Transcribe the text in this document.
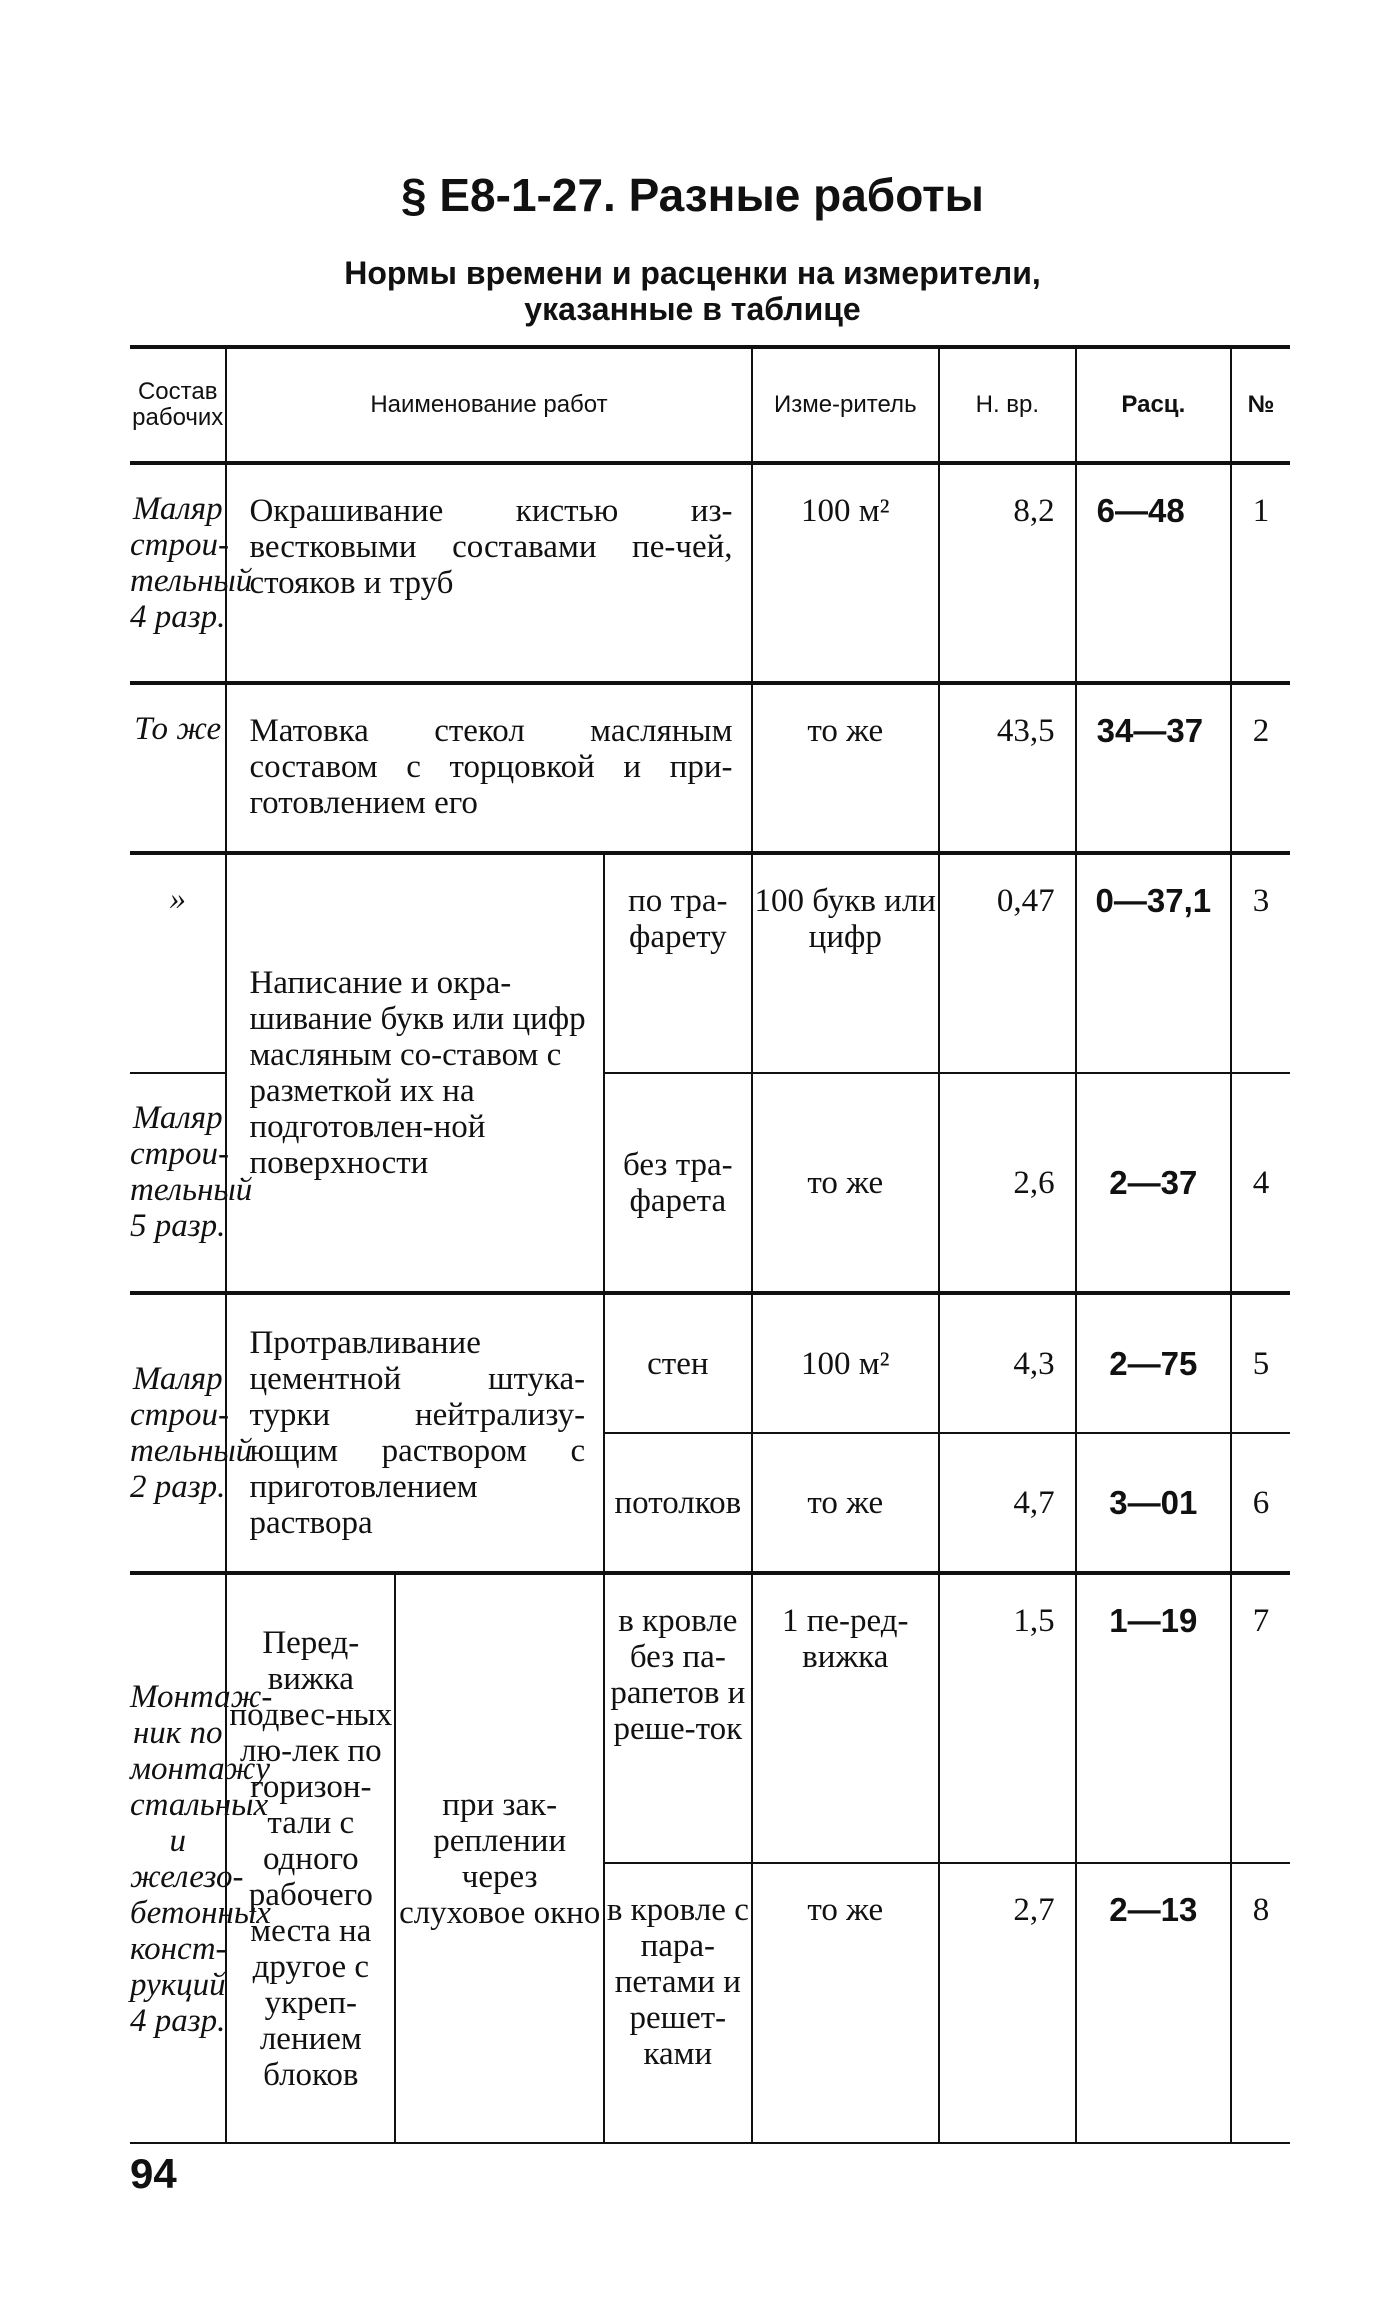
§ Е8-1-27. Разные работы
Нормы времени и расценки на измерители,
указанные в таблице
Состав рабочих	Наименование работ			Изме-ритель	Н. вр.	Расц.	№
Маляр строи-тельный 4 разр.	Окрашивание кистью из-вестковыми составами пе-чей, стояков и труб			100 м²	8,2	6—48	1
То же	Матовка стекол масляным составом с торцовкой и при-готовлением его			то же	43,5	34—37	2
»	Написание и окра-шивание букв или цифр масляным со-ставом с разметкой их на подготовлен-ной поверхности		по тра-фарету	100 букв или цифр	0,47	0—37,1	3
Маляр строи-тельный 5 разр.			без тра-фарета	то же	2,6	2—37	4
Маляр строи-тельный 2 разр.	Протравливание цементной штука-турки нейтрализу-ющим раствором с приготовлением раствора		стен	100 м²	4,3	2—75	5
			потолков	то же	4,7	3—01	6
Монтаж-ник по монтажу стальных и железо-бетонных конст-рукций 4 разр.	Перед-вижка подвес-ных лю-лек по горизон-тали с одного рабочего места на другое с укреп-лением блоков	при зак-реплении через слуховое окно	в кровле без па-рапетов и реше-ток	1 пе-ред-вижка	1,5	1—19	7
			в кровле с пара-петами и решет-ками	то же	2,7	2—13	8
94
